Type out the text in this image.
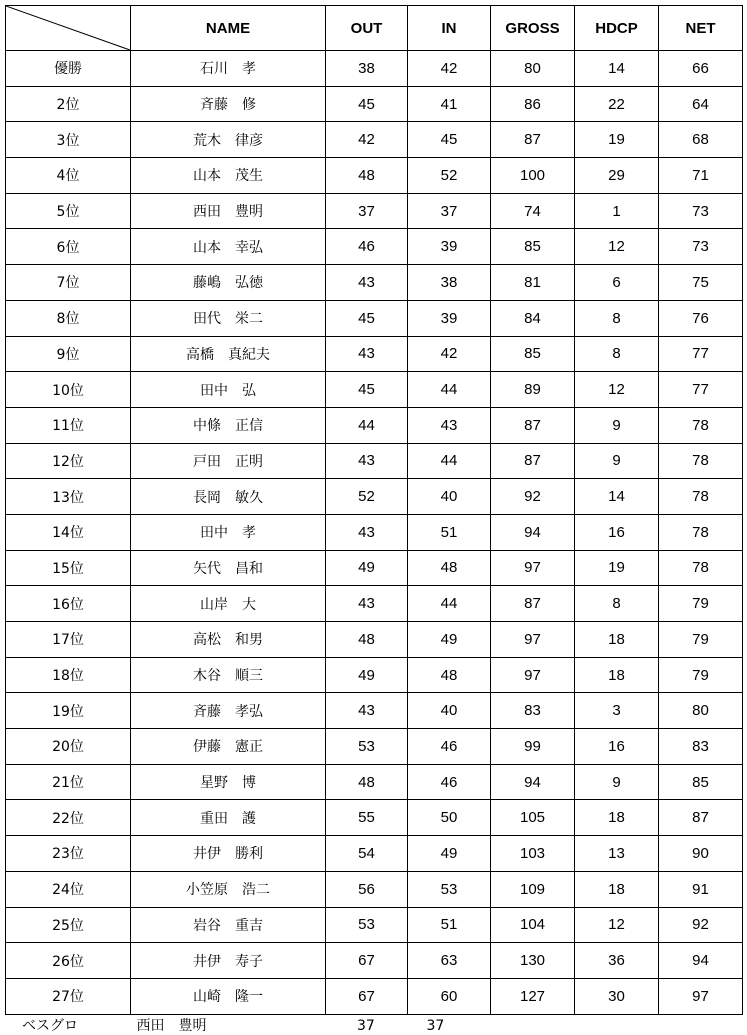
	NAME	OUT	IN	GROSS	HDCP	NET
優勝	石川　孝	38	42	80	14	66
2位	斉藤　修	45	41	86	22	64
3位	荒木　律彦	42	45	87	19	68
4位	山本　茂生	48	52	100	29	71
5位	西田　豊明	37	37	74	1	73
6位	山本　幸弘	46	39	85	12	73
7位	藤嶋　弘徳	43	38	81	6	75
8位	田代　栄二	45	39	84	8	76
9位	高橋　真紀夫	43	42	85	8	77
10位	田中　弘	45	44	89	12	77
11位	中條　正信	44	43	87	9	78
12位	戸田　正明	43	44	87	9	78
13位	長岡　敏久	52	40	92	14	78
14位	田中　孝	43	51	94	16	78
15位	矢代　昌和	49	48	97	19	78
16位	山岸　大	43	44	87	8	79
17位	高松　和男	48	49	97	18	79
18位	木谷　順三	49	48	97	18	79
19位	斉藤　孝弘	43	40	83	3	80
20位	伊藤　憲正	53	46	99	16	83
21位	星野　博	48	46	94	9	85
22位	重田　護	55	50	105	18	87
23位	井伊　勝利	54	49	103	13	90
24位	小笠原　浩二	56	53	109	18	91
25位	岩谷　重吉	53	51	104	12	92
26位	井伊　寿子	67	63	130	36	94
27位	山崎　隆一	67	60	127	30	97
ベスグロ	西田　豊明	37	37
